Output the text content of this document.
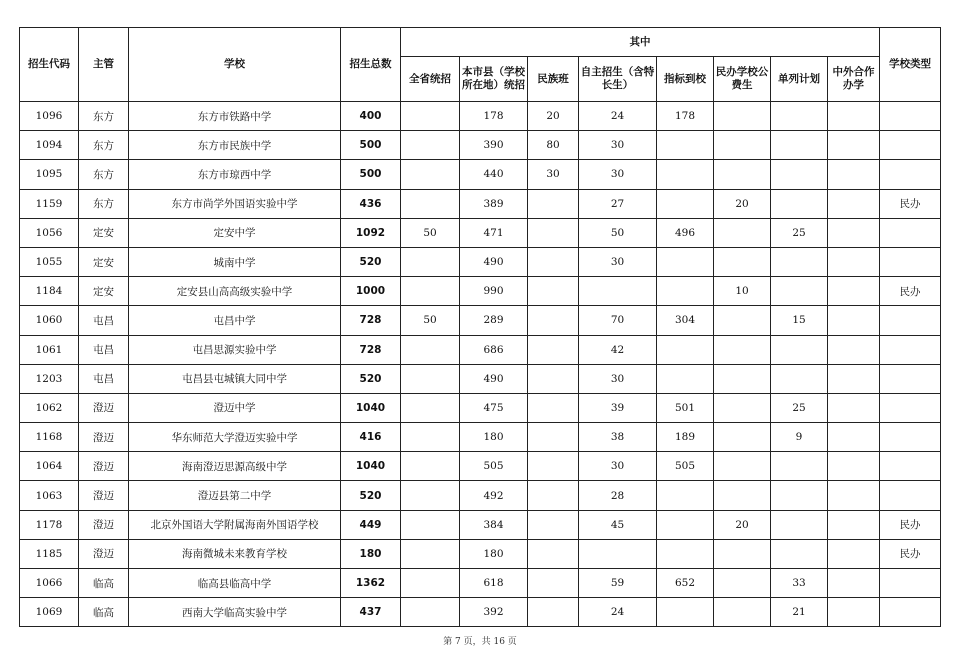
招生代码	主管	学校	招生总数	其中								学校类型
				全省统招	本市县（学校所在地）统招	民族班	自主招生（含特长生）	指标到校	民办学校公费生	单列计划	中外合作办学	
1096	东方	东方市铁路中学	400		178	20	24	178				
1094	东方	东方市民族中学	500		390	80	30					
1095	东方	东方市琼西中学	500		440	30	30					
1159	东方	东方市尚学外国语实验中学	436		389		27		20			民办
1056	定安	定安中学	1092	50	471		50	496		25		
1055	定安	城南中学	520		490		30					
1184	定安	定安县山高高级实验中学	1000		990				10			民办
1060	屯昌	屯昌中学	728	50	289		70	304		15		
1061	屯昌	屯昌思源实验中学	728		686		42					
1203	屯昌	屯昌县屯城镇大同中学	520		490		30					
1062	澄迈	澄迈中学	1040		475		39	501		25		
1168	澄迈	华东师范大学澄迈实验中学	416		180		38	189		9		
1064	澄迈	海南澄迈思源高级中学	1040		505		30	505				
1063	澄迈	澄迈县第二中学	520		492		28					
1178	澄迈	北京外国语大学附属海南外国语学校	449		384		45		20			民办
1185	澄迈	海南微城未来教育学校	180		180							民办
1066	临高	临高县临高中学	1362		618		59	652		33		
1069	临高	西南大学临高实验中学	437		392		24			21		
第 7 页，共 16 页
